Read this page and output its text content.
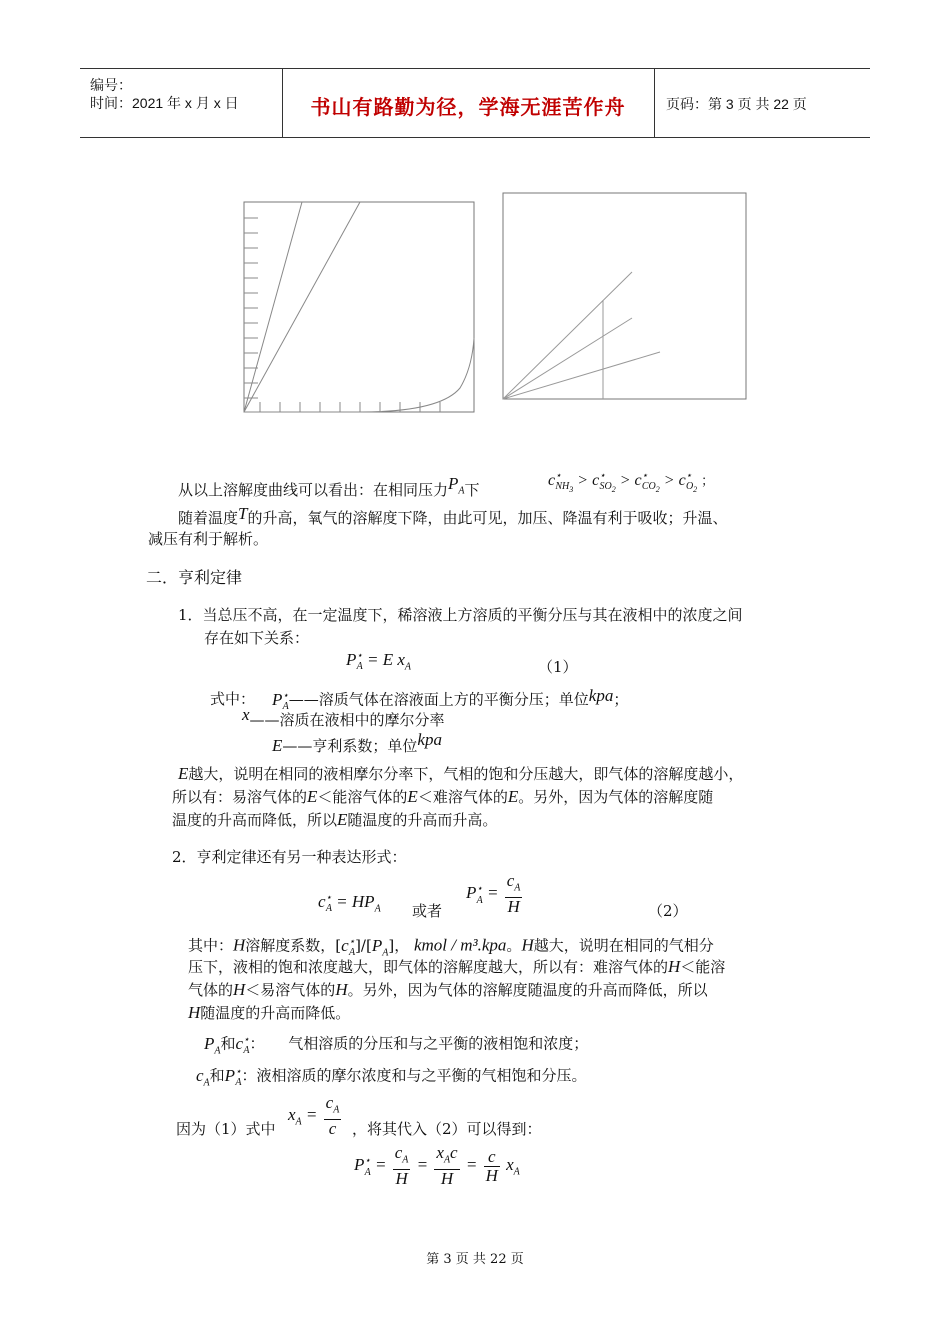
编号：
时间：2021 年 x 月 x 日	书山有路勤为径，学海无涯苦作舟	页码：第 3 页 共 22 页
从以上溶解度曲线可以看出：在相同压力$P_A$下
$c^⋆_{NH_3} > c^⋆_{SO_2} > c^⋆_{CO_2} > c^⋆_{O_2}$ ；
随着温度T的升高，氧气的溶解度下降，由此可见，加压、降温有利于吸收；升温、
减压有利于解析。
二．亨利定律
1．当总压不高，在一定温度下，稀溶液上方溶质的平衡分压与其在液相中的浓度之间
存在如下关系：
$P^⋆_A = E$ $x_A$	（1）
式中： $P^⋆_A——$溶质气体在溶液面上方的平衡分压；单位kpa；
x——溶质在液相中的摩尔分率
E——亨利系数；单位kpa
E越大，说明在相同的液相摩尔分率下，气相的饱和分压越大，即气体的溶解度越小，
所以有：易溶气体的E＜能溶气体的E＜难溶气体的E。另外，因为气体的溶解度随
温度的升高而降低，所以E随温度的升高而升高。
2．亨利定律还有另一种表达形式：
$c^⋆_A = HP_A$ 或者
$P^⋆_A = \frac{c_A}{H}$	（2）
其中：H溶解度系数，$[c^⋆_A]/[P_A]$， kmol / m³.kpa。H越大，说明在相同的气相分
压下，液相的饱和浓度越大，即气体的溶解度越大，所以有：难溶气体的H＜能溶
气体的H＜易溶气体的H。另外，因为气体的溶解度随温度的升高而降低，所以
H随温度的升高而降低。
$P_A$和$c^⋆_A$：     气相溶质的分压和与之平衡的液相饱和浓度；
$c_A$和$P^⋆_A$：液相溶质的摩尔浓度和与之平衡的气相饱和分压。
因为（1）式中
$x_A = \frac{c_A}{c}$ ，将其代入（2）可以得到：
$P^⋆_A = \frac{c_A}{H} = \frac{x_Ac}{H} = \frac{c}{H} x_A$
第 3 页 共 22 页
